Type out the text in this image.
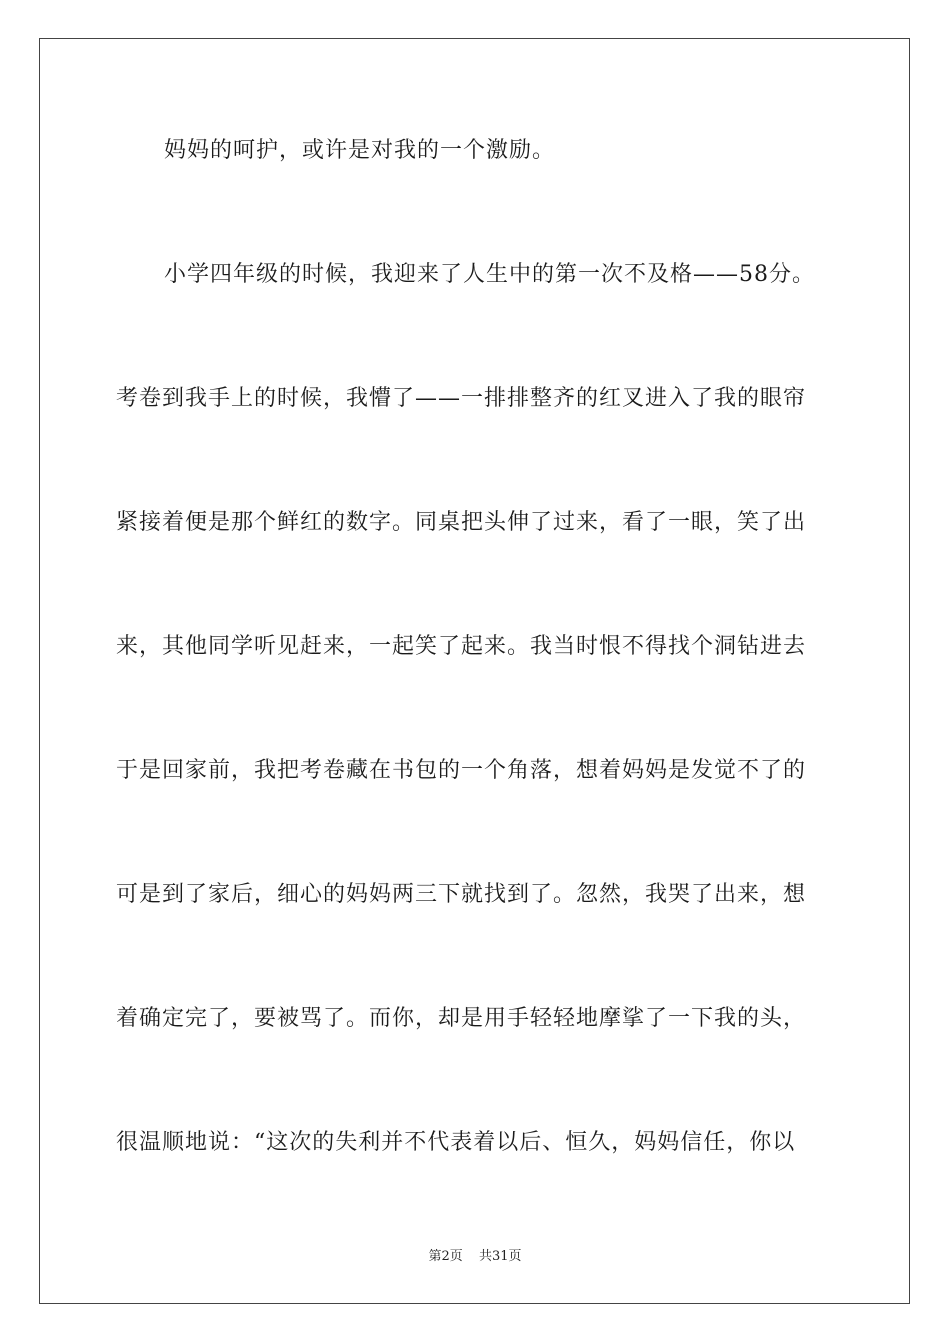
妈妈的呵护，或许是对我的一个激励。
小学四年级的时候，我迎来了人生中的第一次不及格——58分。
考卷到我手上的时候，我懵了——一排排整齐的红叉进入了我的眼帘
紧接着便是那个鲜红的数字。同桌把头伸了过来，看了一眼，笑了出
来，其他同学听见赶来，一起笑了起来。我当时恨不得找个洞钻进去
于是回家前，我把考卷藏在书包的一个角落，想着妈妈是发觉不了的
可是到了家后，细心的妈妈两三下就找到了。忽然，我哭了出来，想
着确定完了，要被骂了。而你，却是用手轻轻地摩挲了一下我的头，
很温顺地说：“这次的失利并不代表着以后、恒久，妈妈信任，你以
第2页 共31页
